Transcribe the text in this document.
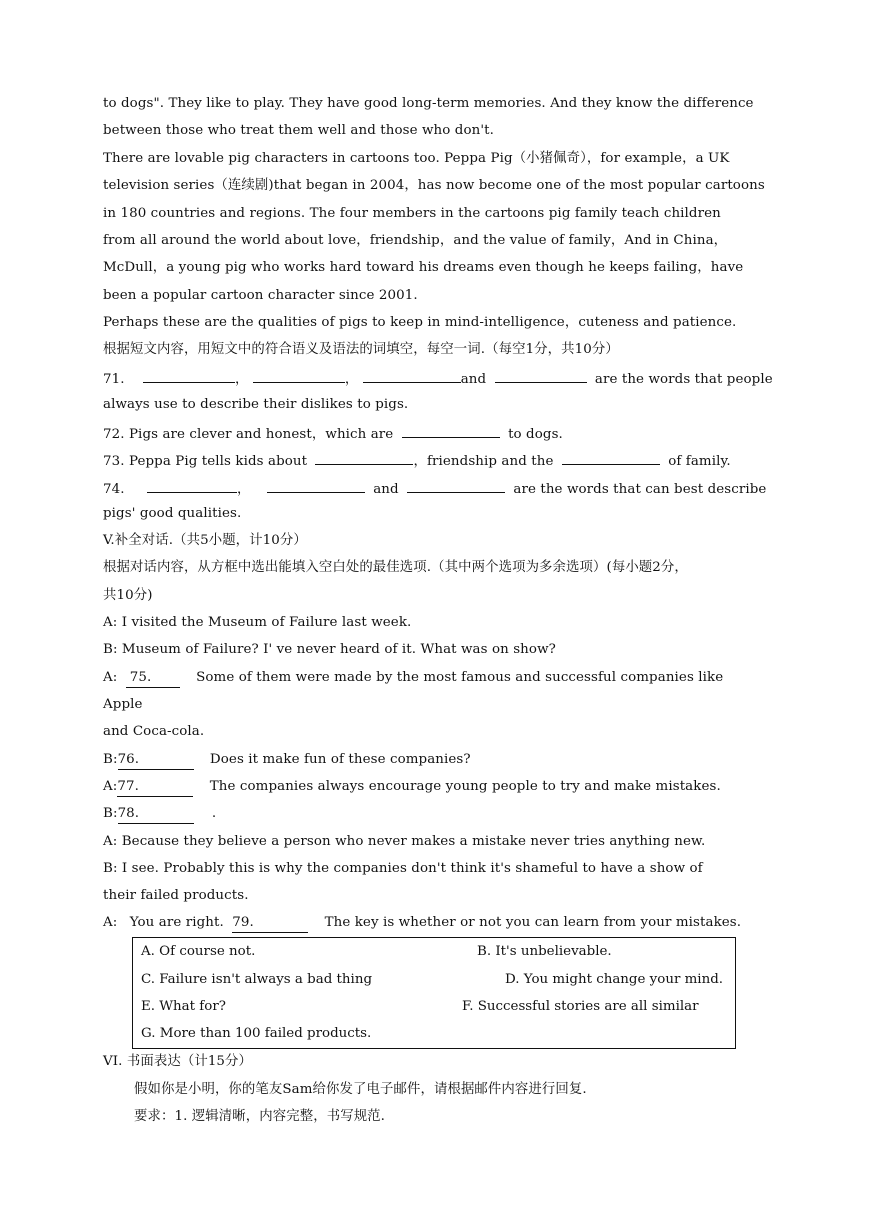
to dogs". They like to play. They have good long-term memories. And they know the difference
between those who treat them well and those who don't.
There are lovable pig characters in cartoons too. Peppa Pig（小猪佩奇），for example，a UK
television series（连续剧)that began in 2004，has now become one of the most popular cartoons
in 180 countries and regions. The four members in the cartoons pig family teach children
from all around the world about love，friendship，and the value of family，And in China，
McDull，a young pig who works hard toward his dreams even though he keeps failing，have
been a popular cartoon character since 2001.
Perhaps these are the qualities of pigs to keep in mind-intelligence，cuteness and patience.
根据短文内容，用短文中的符合语义及语法的词填空，每空一词.（每空1分，共10分）
71.	，	，	and	are the words that people
always use to describe their dislikes to pigs.
72. Pigs are clever and honest，which are	to dogs.
73. Peppa Pig tells kids about	，friendship and the	of family.
74.	，	and	are the words that can best describe
pigs' good qualities.
V.补全对话.（共5小题，计10分）
根据对话内容，从方框中选出能填入空白处的最佳选项.（其中两个选项为多余选项）(每小题2分，
共10分)
A: I visited the Museum of Failure last week.
B: Museum of Failure? I' ve never heard of it. What was on show?
A: 75.	Some of them were made by the most famous and successful companies like
Apple
and Coca-cola.
B:76.	Does it make fun of these companies?
A:77.	The companies always encourage young people to try and make mistakes.
B:78.	.
A: Because they believe a person who never makes a mistake never tries anything new.
B: I see. Probably this is why the companies don't think it's shameful to have a show of
their failed products.
A: You are right. 79.	The key is whether or not you can learn from your mistakes.
A. Of course not.	B. It's unbelievable.
C. Failure isn't always a bad thing	D. You might change your mind.
E. What for?	F. Successful stories are all similar
G. More than 100 failed products.
VI. 书面表达（计15分）
假如你是小明，你的笔友Sam给你发了电子邮件，请根据邮件内容进行回复.
要求：1. 逻辑清晰，内容完整，书写规范.
